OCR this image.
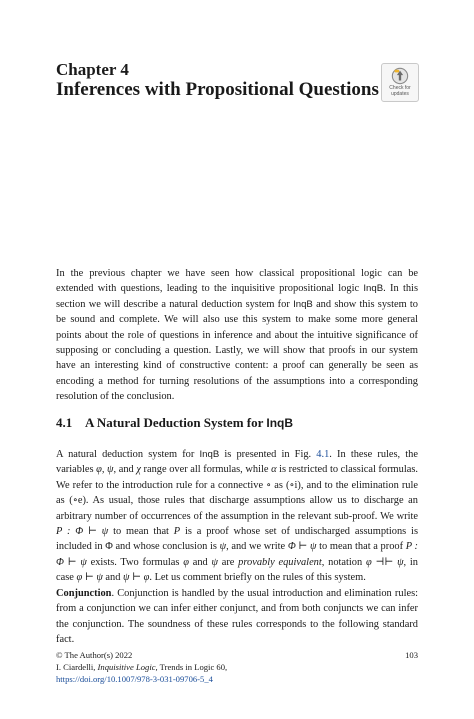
Chapter 4
Inferences with Propositional Questions Check for
updates

In the previous chapter we have seen how classical propositional logic can be extended with questions, leading to the inquisitive propositional logic InqB. In this section we will describe a natural deduction system for InqB and show this system to be sound and complete. We will also use this system to make some more general points about the role of questions in inference and about the intuitive significance of supposing or concluding a question. Lastly, we will show that proofs in our system have an interesting kind of constructive content: a proof can generally be seen as encoding a method for turning resolutions of the assumptions into a corresponding resolution of the conclusion.

4.1 A Natural Deduction System for InqB

A natural deduction system for InqB is presented in Fig. 4.1. In these rules, the variables φ, ψ, and χ range over all formulas, while α is restricted to classical formulas. We refer to the introduction rule for a connective ∘ as (∘i), and to the elimination rule as (∘e). As usual, those rules that discharge assumptions allow us to discharge an arbitrary number of occurrences of the assumption in the relevant sub-proof. We write P : Φ ⊢ ψ to mean that P is a proof whose set of undischarged assumptions is included in Φ and whose conclusion is ψ, and we write Φ ⊢ ψ to mean that a proof P : Φ ⊢ ψ exists. Two formulas φ and ψ are provably equivalent, notation φ ⊣⊢ ψ, in case φ ⊢ ψ and ψ ⊢ φ. Let us comment briefly on the rules of this system.

Conjunction. Conjunction is handled by the usual introduction and elimination rules: from a conjunction we can infer either conjunct, and from both conjuncts we can infer the conjunction. The soundness of these rules corresponds to the following standard fact.

© The Author(s) 2022
I. Ciardelli, Inquisitive Logic, Trends in Logic 60,
https://doi.org/10.1007/978-3-031-09706-5_4
103
